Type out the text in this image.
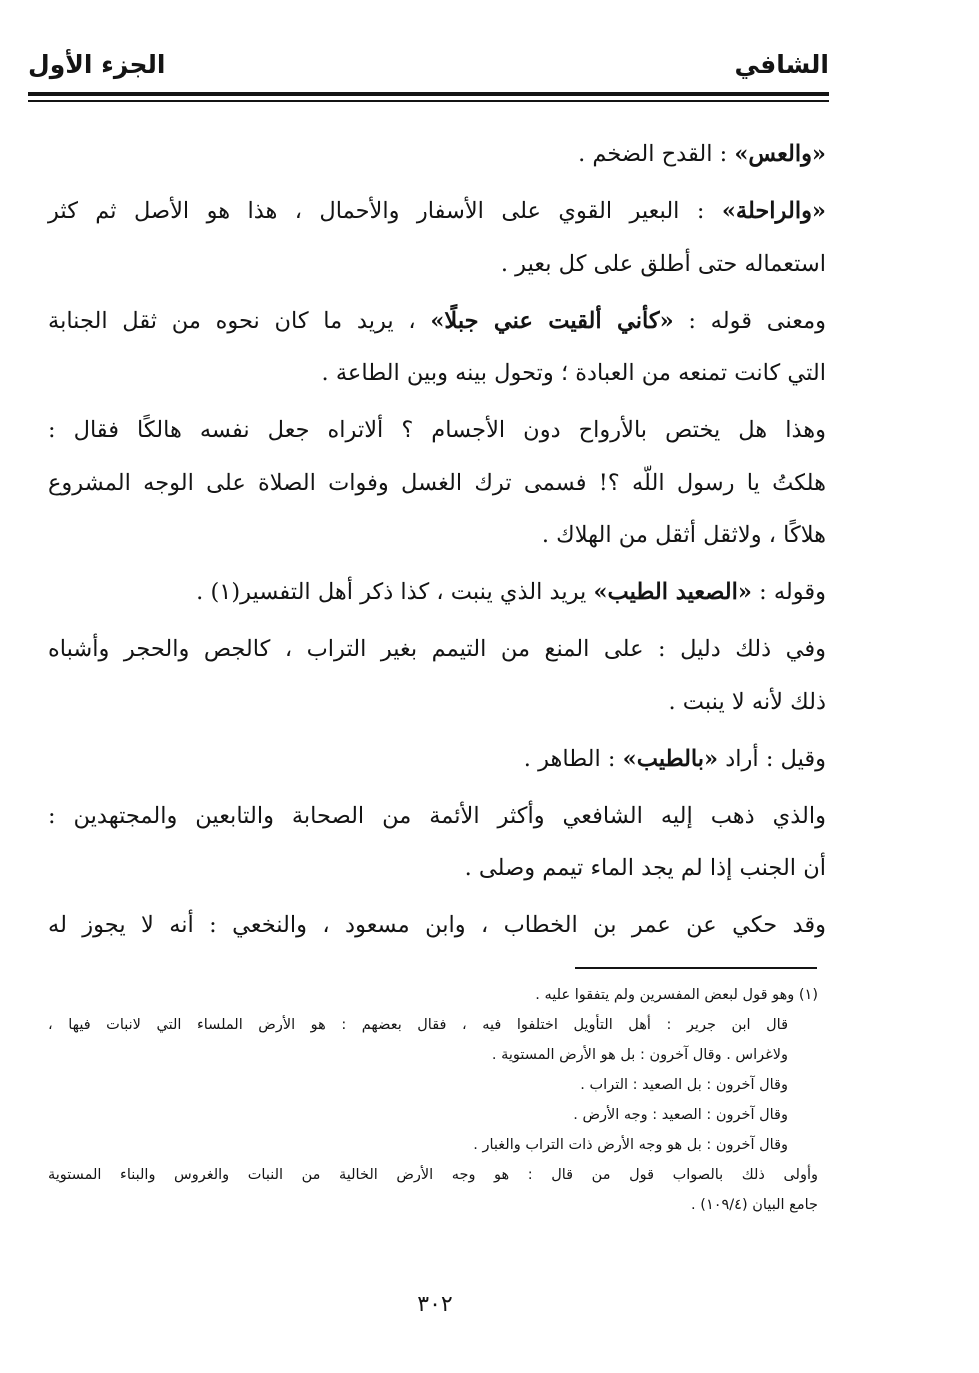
الشافي
الجزء الأول

«والعس» : القدح الضخم .

«والراحلة» : البعير القوي على الأسفار والأحمال ، هذا هو الأصل ثم كثر
استعماله حتى أطلق على كل بعير .

ومعنى قوله : «كأني ألقيت عني جبلًا» ، يريد ما كان نحوه من ثقل الجنابة
التي كانت تمنعه من العبادة ؛ وتحول بينه وبين الطاعة .

وهذا هل يختص بالأرواح دون الأجسام ؟ ألاتراه جعل نفسه هالكًا فقال :
هلكتُ يا رسول اللّه ؟! فسمى ترك الغسل وفوات الصلاة على الوجه المشروع
هلاكًا ، ولاثقل أثقل من الهلاك .

وقوله : «الصعيد الطيب» يريد الذي ينبت ، كذا ذكر أهل التفسير(١) .

وفي ذلك دليل : على المنع من التيمم بغير التراب ، كالجص والحجر وأشباه
ذلك لأنه لا ينبت .

وقيل : أراد «بالطيب» : الطاهر .

والذي ذهب إليه الشافعي وأكثر الأئمة من الصحابة والتابعين والمجتهدين :
أن الجنب إذا لم يجد الماء تيمم وصلى .

وقد حكي عن عمر بن الخطاب ، وابن مسعود ، والنخعي : أنه لا يجوز له

(١) وهو قول لبعض المفسرين ولم يتفقوا عليه .
قال ابن جرير : أهل التأويل اختلفوا فيه ، فقال بعضهم : هو الأرض الملساء التي لانبات فيها ،
ولاغراس . وقال آخرون : بل هو الأرض المستوية .
وقال آخرون : بل الصعيد : التراب .
وقال آخرون : الصعيد : وجه الأرض .
وقال آخرون : بل هو وجه الأرض ذات التراب والغبار .
وأولى ذلك بالصواب قول من قال : هو وجه الأرض الخالية من النبات والغروس والبناء المستوية
جامع البيان (١٠٩/٤) .
٣٠٢
